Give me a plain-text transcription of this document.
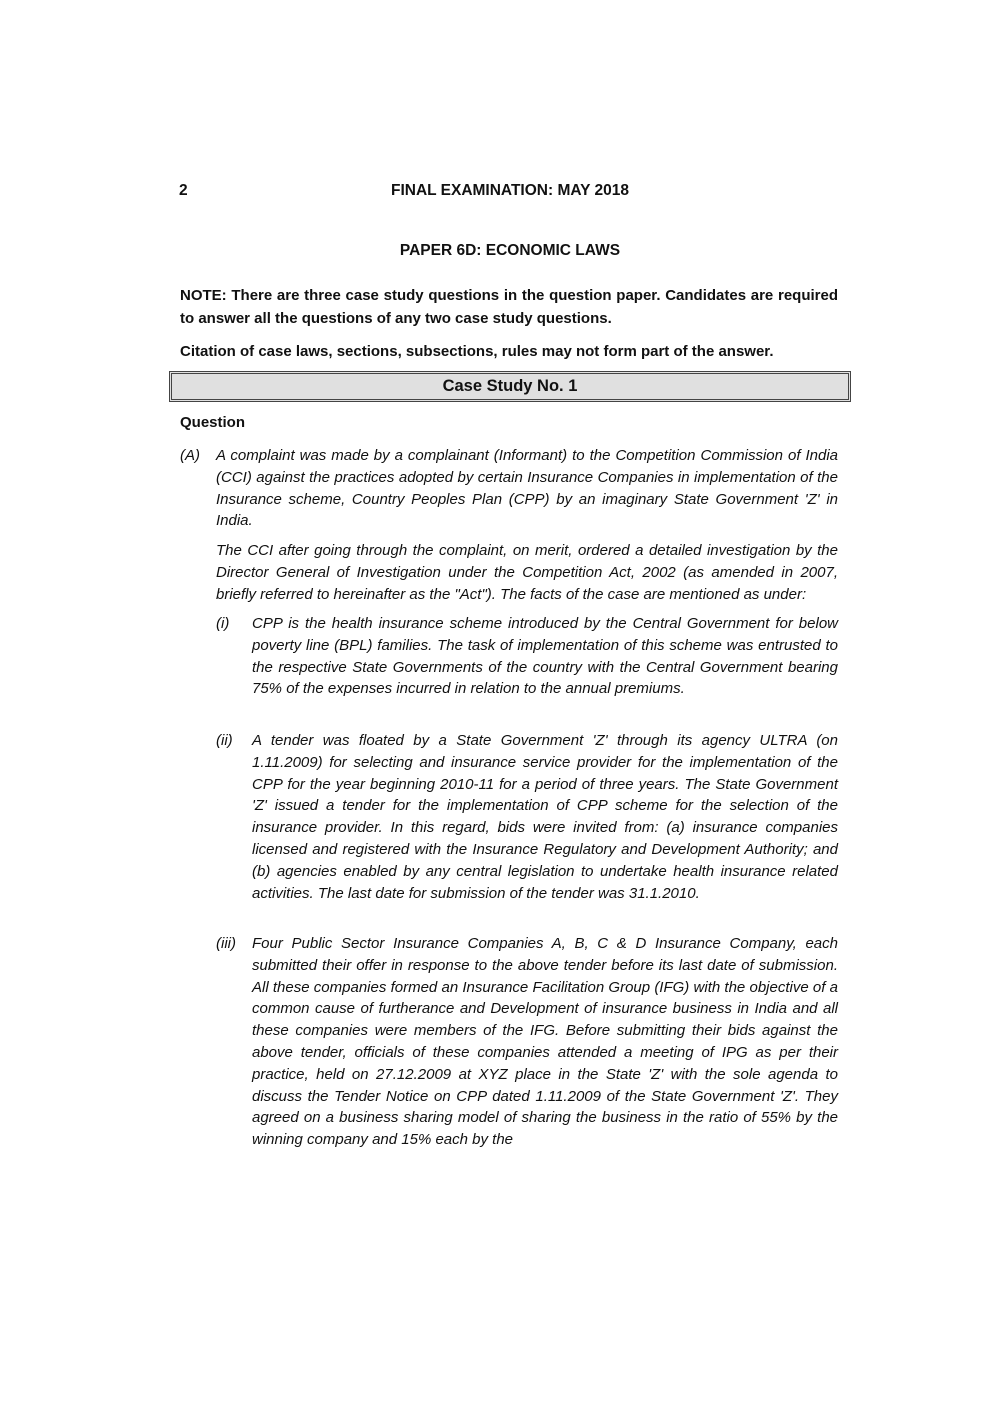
2	FINAL EXAMINATION: MAY 2018
PAPER 6D: ECONOMIC LAWS
NOTE: There are three case study questions in the question paper. Candidates are required to answer all the questions of any two case study questions.
Citation of case laws, sections, subsections, rules may not form part of the answer.
Case Study No. 1
Question
(A) A complaint was made by a complainant (Informant) to the Competition Commission of India (CCI) against the practices adopted by certain Insurance Companies in implementation of the Insurance scheme, Country Peoples Plan (CPP) by an imaginary State Government 'Z' in India.
The CCI after going through the complaint, on merit, ordered a detailed investigation by the Director General of Investigation under the Competition Act, 2002 (as amended in 2007, briefly referred to hereinafter as the "Act"). The facts of the case are mentioned as under:
(i) CPP is the health insurance scheme introduced by the Central Government for below poverty line (BPL) families. The task of implementation of this scheme was entrusted to the respective State Governments of the country with the Central Government bearing 75% of the expenses incurred in relation to the annual premiums.
(ii) A tender was floated by a State Government 'Z' through its agency ULTRA (on 1.11.2009) for selecting and insurance service provider for the implementation of the CPP for the year beginning 2010-11 for a period of three years. The State Government 'Z' issued a tender for the implementation of CPP scheme for the selection of the insurance provider. In this regard, bids were invited from: (a) insurance companies licensed and registered with the Insurance Regulatory and Development Authority; and (b) agencies enabled by any central legislation to undertake health insurance related activities. The last date for submission of the tender was 31.1.2010.
(iii) Four Public Sector Insurance Companies A, B, C & D Insurance Company, each submitted their offer in response to the above tender before its last date of submission. All these companies formed an Insurance Facilitation Group (IFG) with the objective of a common cause of furtherance and Development of insurance business in India and all these companies were members of the IFG. Before submitting their bids against the above tender, officials of these companies attended a meeting of IPG as per their practice, held on 27.12.2009 at XYZ place in the State 'Z' with the sole agenda to discuss the Tender Notice on CPP dated 1.11.2009 of the State Government 'Z'. They agreed on a business sharing model of sharing the business in the ratio of 55% by the winning company and 15% each by the
